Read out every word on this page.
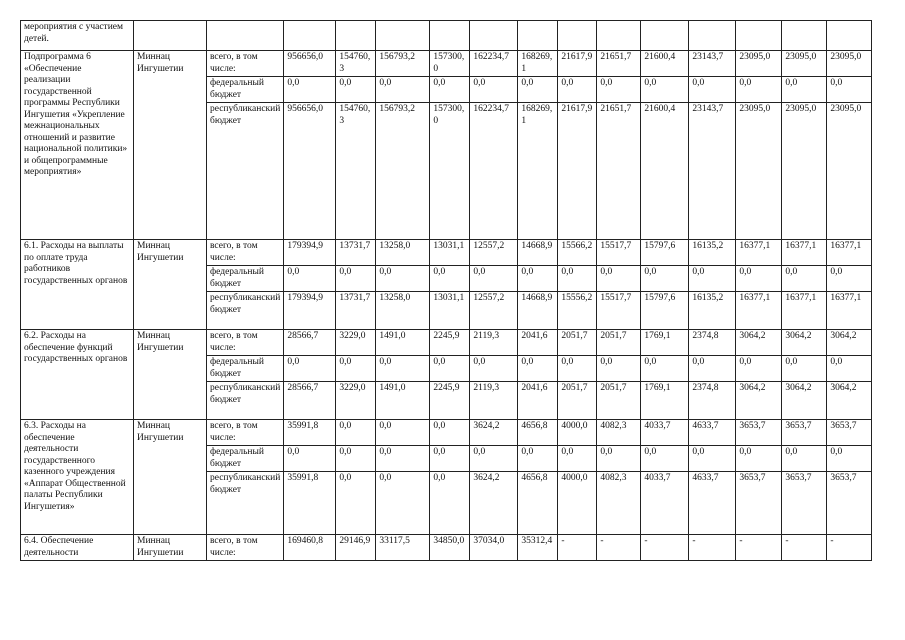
мероприятия с участием детей.															
Подпрограмма 6 «Обеспечение реализации государственной программы Республики Ингушетия «Укрепление межнациональных отношений и развитие национальной политики» и общепрограммные мероприятия»	Миннац Ингушетии	всего, в том числе:	956656,0	154760,3	156793,2	157300,0	162234,7	168269,1	21617,9	21651,7	21600,4	23143,7	23095,0	23095,0	23095,0
		федеральный бюджет	0,0	0,0	0,0	0,0	0,0	0,0	0,0	0,0	0,0	0,0	0,0	0,0	0,0
		республиканский бюджет	956656,0	154760,3	156793,2	157300,0	162234,7	168269,1	21617,9	21651,7	21600,4	23143,7	23095,0	23095,0	23095,0
6.1. Расходы на выплаты по оплате труда работников государственных органов	Миннац Ингушетии	всего, в том числе:	179394,9	13731,7	13258,0	13031,1	12557,2	14668,9	15566,2	15517,7	15797,6	16135,2	16377,1	16377,1	16377,1
		федеральный бюджет	0,0	0,0	0,0	0,0	0,0	0,0	0,0	0,0	0,0	0,0	0,0	0,0	0,0
		республиканский бюджет	179394,9	13731,7	13258,0	13031,1	12557,2	14668,9	15556,2	15517,7	15797,6	16135,2	16377,1	16377,1	16377,1
6.2. Расходы на обеспечение функций государственных органов	Миннац Ингушетии	всего, в том числе:	28566,7	3229,0	1491,0	2245,9	2119,3	2041,6	2051,7	2051,7	1769,1	2374,8	3064,2	3064,2	3064,2
		федеральный бюджет	0,0	0,0	0,0	0,0	0,0	0,0	0,0	0,0	0,0	0,0	0,0	0,0	0,0
		республиканский бюджет	28566,7	3229,0	1491,0	2245,9	2119,3	2041,6	2051,7	2051,7	1769,1	2374,8	3064,2	3064,2	3064,2
6.3. Расходы на обеспечение деятельности государственного казенного учреждения «Аппарат Общественной палаты Республики Ингушетия»	Миннац Ингушетии	всего, в том числе:	35991,8	0,0	0,0	0,0	3624,2	4656,8	4000,0	4082,3	4033,7	4633,7	3653,7	3653,7	3653,7
		федеральный бюджет	0,0	0,0	0,0	0,0	0,0	0,0	0,0	0,0	0,0	0,0	0,0	0,0	0,0
		республиканский бюджет	35991,8	0,0	0,0	0,0	3624,2	4656,8	4000,0	4082,3	4033,7	4633,7	3653,7	3653,7	3653,7
6.4. Обеспечение деятельности	Миннац Ингушетии	всего, в том числе:	169460,8	29146,9	33117,5	34850,0	37034,0	35312,4	-	-	-	-	-	-	-
